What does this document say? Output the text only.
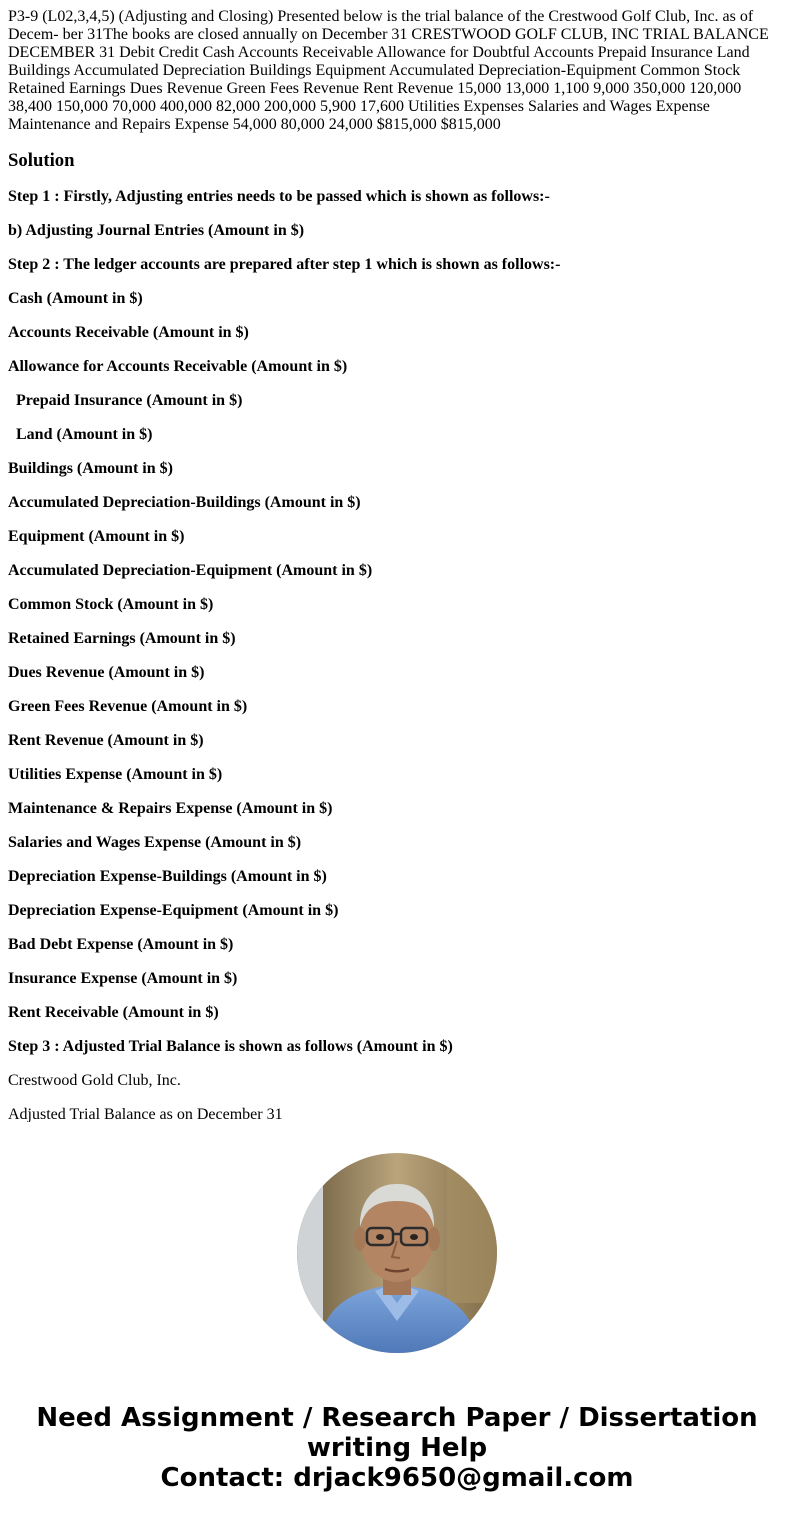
P3-9 (L02,3,4,5) (Adjusting and Closing) Presented below is the trial balance of the Crestwood Golf Club, Inc. as of Decem- ber 31The books are closed annually on December 31 CRESTWOOD GOLF CLUB, INC TRIAL BALANCE DECEMBER 31 Debit Credit Cash Accounts Receivable Allowance for Doubtful Accounts Prepaid Insurance Land Buildings Accumulated Depreciation Buildings Equipment Accumulated Depreciation-Equipment Common Stock Retained Earnings Dues Revenue Green Fees Revenue Rent Revenue 15,000 13,000 1,100 9,000 350,000 120,000 38,400 150,000 70,000 400,000 82,000 200,000 5,900 17,600 Utilities Expenses Salaries and Wages Expense Maintenance and Repairs Expense 54,000 80,000 24,000 $815,000 $815,000
Solution

Step 1 : Firstly, Adjusting entries needs to be passed which is shown as follows:-

b) Adjusting Journal Entries (Amount in $)

Step 2 : The ledger accounts are prepared after step 1 which is shown as follows:-

Cash (Amount in $)

Accounts Receivable (Amount in $)

Allowance for Accounts Receivable (Amount in $)

Prepaid Insurance (Amount in $)

Land (Amount in $)

Buildings (Amount in $)

Accumulated Depreciation-Buildings (Amount in $)

Equipment (Amount in $)

Accumulated Depreciation-Equipment (Amount in $)

Common Stock (Amount in $)

Retained Earnings (Amount in $)

Dues Revenue (Amount in $)

Green Fees Revenue (Amount in $)

Rent Revenue (Amount in $)

Utilities Expense (Amount in $)

Maintenance & Repairs Expense (Amount in $)

Salaries and Wages Expense (Amount in $)

Depreciation Expense-Buildings (Amount in $)

Depreciation Expense-Equipment (Amount in $)

Bad Debt Expense (Amount in $)

Insurance Expense (Amount in $)

Rent Receivable (Amount in $)

Step 3 : Adjusted Trial Balance is shown as follows (Amount in $)

Crestwood Gold Club, Inc.

Adjusted Trial Balance as on December 31

Need Assignment / Research Paper / Dissertation
writing Help
Contact: drjack9650@gmail.com
